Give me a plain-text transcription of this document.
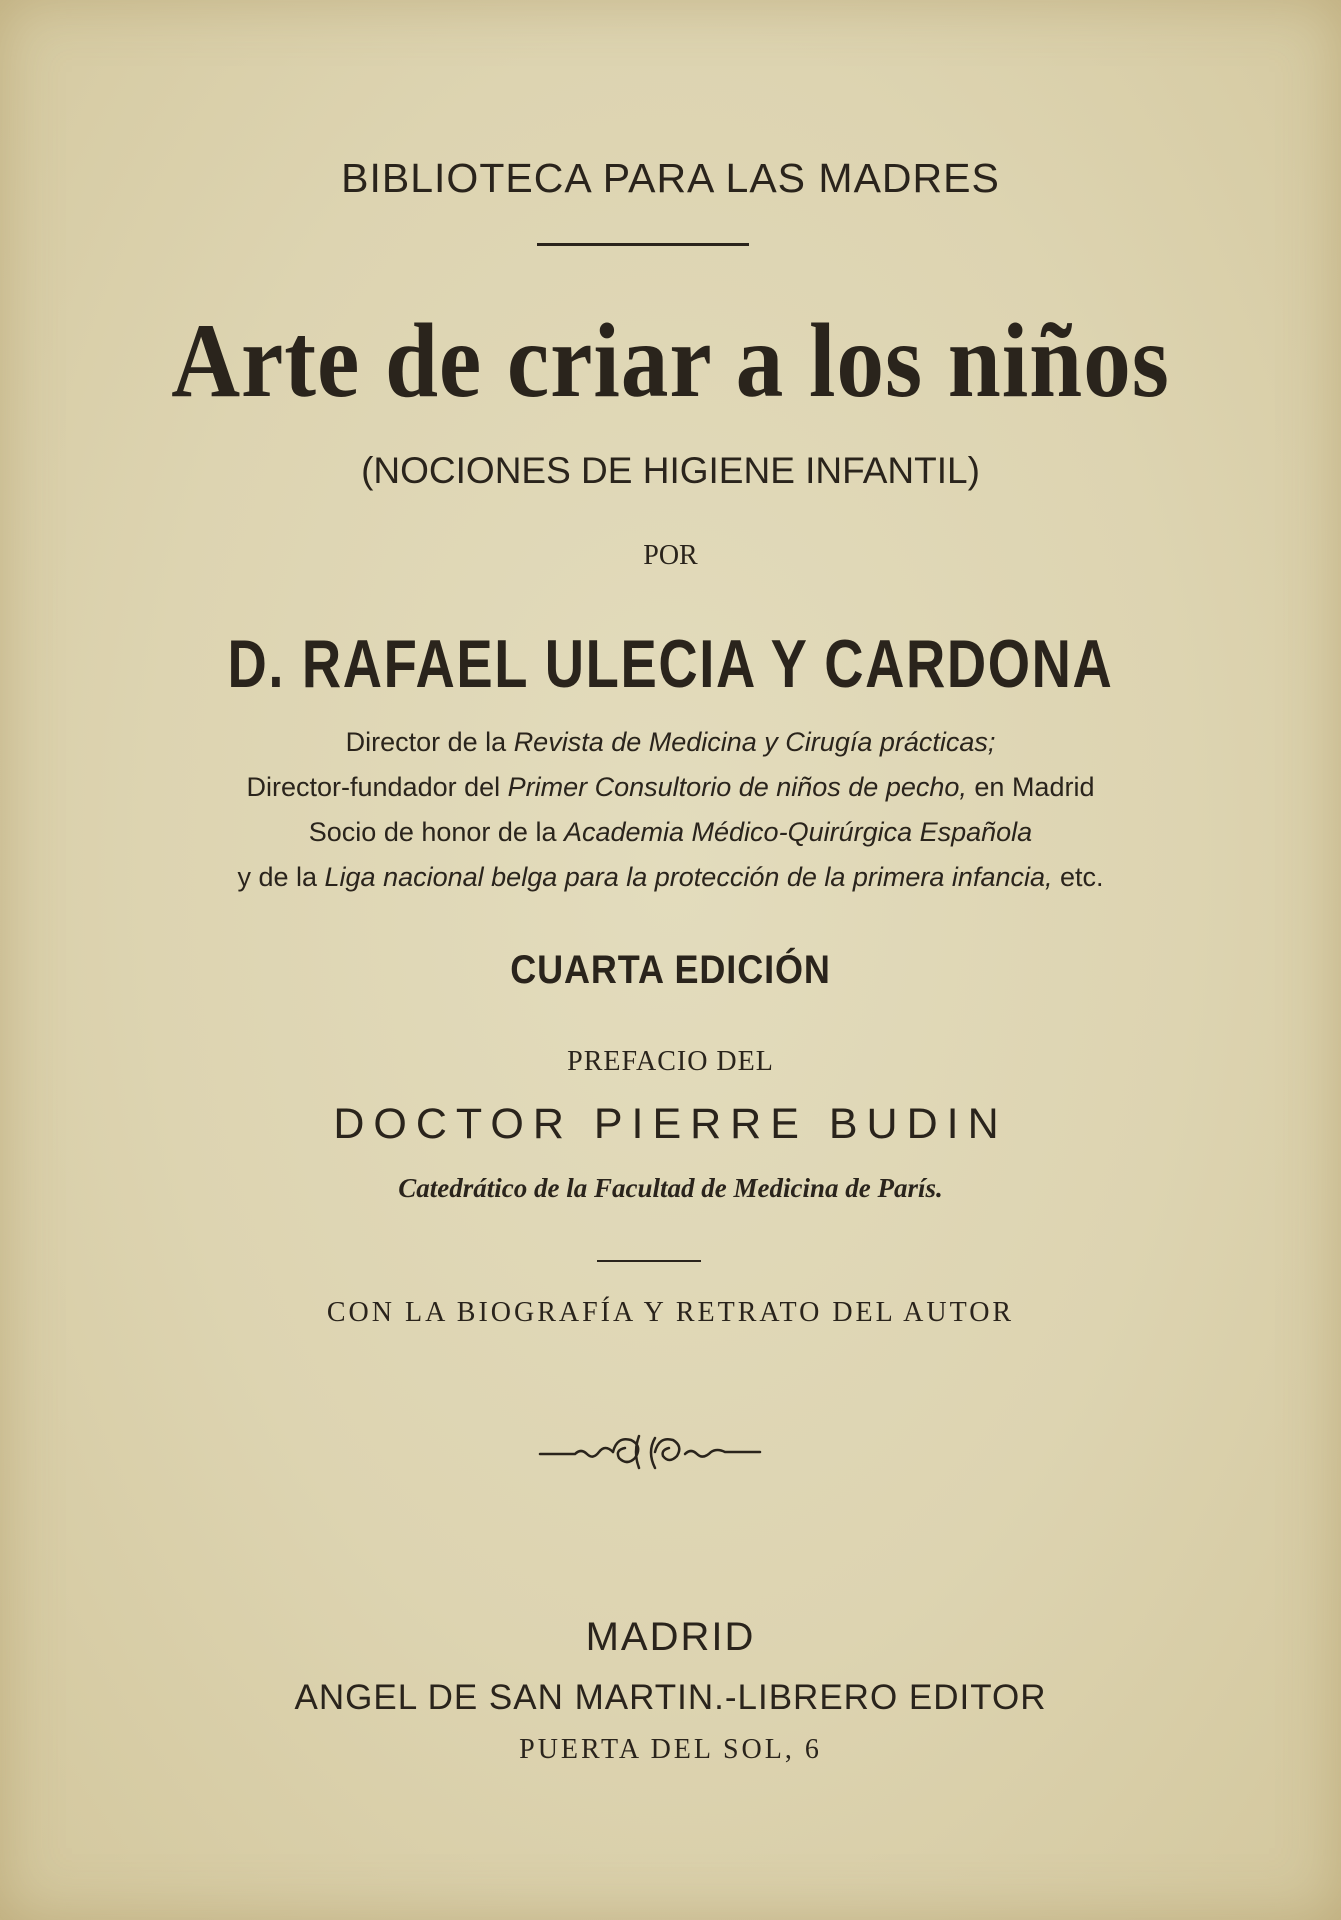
BIBLIOTECA PARA LAS MADRES
Arte de criar a los niños
(NOCIONES DE HIGIENE INFANTIL)
POR
D. RAFAEL ULECIA Y CARDONA
Director de la Revista de Medicina y Cirugía prácticas;
Director-fundador del Primer Consultorio de niños de pecho, en Madrid
Socio de honor de la Academia Médico-Quirúrgica Española
y de la Liga nacional belga para la protección de la primera infancia, etc.
CUARTA EDICIÓN
PREFACIO DEL
DOCTOR PIERRE BUDIN
Catedrático de la Facultad de Medicina de París.
CON LA BIOGRAFÍA Y RETRATO DEL AUTOR
MADRID
ANGEL DE SAN MARTIN.-LIBRERO EDITOR
PUERTA DEL SOL, 6
